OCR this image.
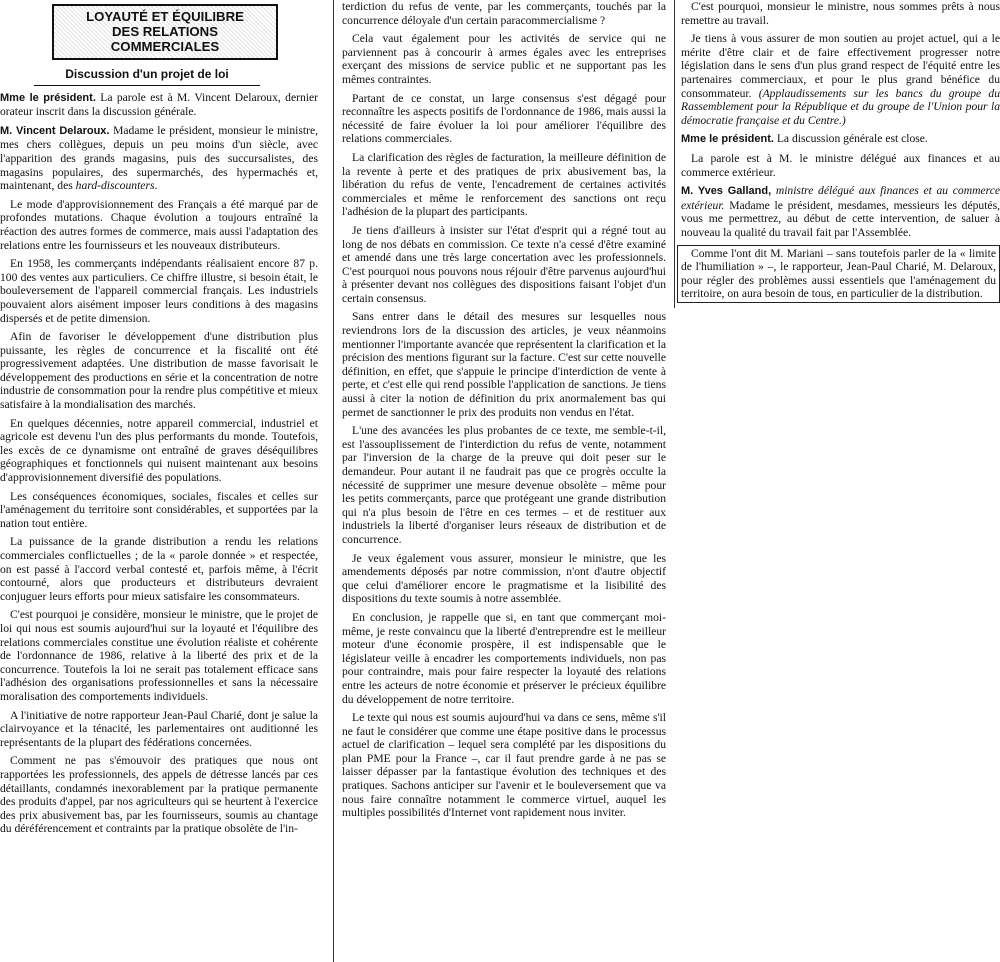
LOYAUTÉ ET ÉQUILIBRE
DES RELATIONS COMMERCIALES
Discussion d'un projet de loi

Mme le président. La parole est à M. Vincent Delaroux, dernier orateur inscrit dans la discussion générale.

M. Vincent Delaroux. Madame le président, monsieur le ministre, mes chers collègues, depuis un peu moins d'un siècle, avec l'apparition des grands magasins, puis des succursalistes, des magasins populaires, des supermarchés, des hypermachés et, maintenant, des hard-discounters.

Le mode d'approvisionnement des Français a été marqué par de profondes mutations. Chaque évolution a toujours entraîné la réaction des autres formes de commerce, mais aussi l'adaptation des relations entre les fournisseurs et les nouveaux distributeurs.

En 1958, les commerçants indépendants réalisaient encore 87 p. 100 des ventes aux particuliers. Ce chiffre illustre, si besoin était, le bouleversement de l'appareil commercial français. Les industriels pouvaient alors aisément imposer leurs conditions à des magasins dispersés et de petite dimension.

Afin de favoriser le développement d'une distribution plus puissante, les règles de concurrence et la fiscalité ont été progressivement adaptées. Une distribution de masse favorisait le développement des productions en série et la concentration de notre industrie de consommation pour la rendre plus compétitive et mieux satisfaire à la mondialisation des marchés.

En quelques décennies, notre appareil commercial, industriel et agricole est devenu l'un des plus performants du monde. Toutefois, les excès de ce dynamisme ont entraîné de graves déséquilibres géographiques et fonctionnels qui nuisent maintenant aux besoins d'approvisionnement diversifié des populations.

Les conséquences économiques, sociales, fiscales et celles sur l'aménagement du territoire sont considérables, et supportées par la nation tout entière.

La puissance de la grande distribution a rendu les relations commerciales conflictuelles ; de la « parole donnée » et respectée, on est passé à l'accord verbal contesté et, parfois même, à l'écrit contourné, alors que producteurs et distributeurs devraient conjuguer leurs efforts pour mieux satisfaire les consommateurs.

C'est pourquoi je considère, monsieur le ministre, que le projet de loi qui nous est soumis aujourd'hui sur la loyauté et l'équilibre des relations commerciales constitue une évolution réaliste et cohérente de l'ordonnance de 1986, relative à la liberté des prix et de la concurrence. Toutefois la loi ne serait pas totalement efficace sans l'adhésion des organisations professionnelles et sans la nécessaire moralisation des comportements individuels.

A l'initiative de notre rapporteur Jean-Paul Charié, dont je salue la clairvoyance et la ténacité, les parlementaires ont auditionné les représentants de la plupart des fédérations concernées.

Comment ne pas s'émouvoir des pratiques que nous ont rapportées les professionnels, des appels de détresse lancés par ces détaillants, condamnés inexorablement par la pratique permanente des produits d'appel, par nos agriculteurs qui se heurtent à l'exercice des prix abusivement bas, par les fournisseurs, soumis au chantage du déréférencement et contraints par la pratique obsolète de l'in-

terdiction du refus de vente, par les commerçants, touchés par la concurrence déloyale d'un certain paracommercialisme ?

Cela vaut également pour les activités de service qui ne parviennent pas à concourir à armes égales avec les entreprises exerçant des missions de service public et ne supportant pas les mêmes contraintes.

Partant de ce constat, un large consensus s'est dégagé pour reconnaître les aspects positifs de l'ordonnance de 1986, mais aussi la nécessité de faire évoluer la loi pour améliorer l'équilibre des relations commerciales.

La clarification des règles de facturation, la meilleure définition de la revente à perte et des pratiques de prix abusivement bas, la libération du refus de vente, l'encadrement de certaines activités commerciales et même le renforcement des sanctions ont reçu l'adhésion de la plupart des participants.

Je tiens d'ailleurs à insister sur l'état d'esprit qui a régné tout au long de nos débats en commission. Ce texte n'a cessé d'être examiné et amendé dans une très large concertation avec les professionnels. C'est pourquoi nous pouvons nous réjouir d'être parvenus aujourd'hui à présenter devant nos collègues des dispositions faisant l'objet d'un certain consensus.

Sans entrer dans le détail des mesures sur lesquelles nous reviendrons lors de la discussion des articles, je veux néanmoins mentionner l'importante avancée que représentent la clarification et la précision des mentions figurant sur la facture. C'est sur cette nouvelle définition, en effet, que s'appuie le principe d'interdiction de vente à perte, et c'est elle qui rend possible l'application de sanctions. Je tiens aussi à citer la notion de définition du prix anormalement bas qui permet de sanctionner le prix des produits non vendus en l'état.

L'une des avancées les plus probantes de ce texte, me semble-t-il, est l'assouplissement de l'interdiction du refus de vente, notamment par l'inversion de la charge de la preuve qui doit peser sur le demandeur. Pour autant il ne faudrait pas que ce progrès occulte la nécessité de supprimer une mesure devenue obsolète – même pour les petits commerçants, parce que protégeant une grande distribution qui n'a plus besoin de l'être en ces termes – et de restituer aux industriels la liberté d'organiser leurs réseaux de distribution et de concurrence.

Je veux également vous assurer, monsieur le ministre, que les amendements déposés par notre commission, n'ont d'autre objectif que celui d'améliorer encore le pragmatisme et la lisibilité des dispositions du texte soumis à notre assemblée.

En conclusion, je rappelle que si, en tant que commerçant moi-même, je reste convaincu que la liberté d'entreprendre est le meilleur moteur d'une économie prospère, il est indispensable que le législateur veille à encadrer les comportements individuels, non pas pour contraindre, mais pour faire respecter la loyauté des relations entre les acteurs de notre économie et préserver le précieux équilibre du développement de notre territoire.

Le texte qui nous est soumis aujourd'hui va dans ce sens, même s'il ne faut le considérer que comme une étape positive dans le processus actuel de clarification – lequel sera complété par les dispositions du plan PME pour la France –, car il faut prendre garde à ne pas se laisser dépasser par la fantastique évolution des techniques et des pratiques. Sachons anticiper sur l'avenir et le bouleversement que va nous faire connaître notamment le commerce virtuel, auquel les multiples possibilités d'Internet vont rapidement nous inviter.

C'est pourquoi, monsieur le ministre, nous sommes prêts à nous remettre au travail.

Je tiens à vous assurer de mon soutien au projet actuel, qui a le mérite d'être clair et de faire effectivement progresser notre législation dans le sens d'un plus grand respect de l'équité entre les partenaires commerciaux, et pour le plus grand bénéfice du consommateur. (Applaudissements sur les bancs du groupe du Rassemblement pour la République et du groupe de l'Union pour la démocratie française et du Centre.)

Mme le président. La discussion générale est close.

La parole est à M. le ministre délégué aux finances et au commerce extérieur.

M. Yves Galland, ministre délégué aux finances et au commerce extérieur. Madame le président, mesdames, messieurs les députés, vous me permettrez, au début de cette intervention, de saluer à nouveau la qualité du travail fait par l'Assemblée.

Comme l'ont dit M. Mariani – sans toutefois parler de la « limite de l'humiliation » –, le rapporteur, Jean-Paul Charié, M. Delaroux, pour régler des problèmes aussi essentiels que l'aménagement du territoire, on aura besoin de tous, en particulier de la distribution.
